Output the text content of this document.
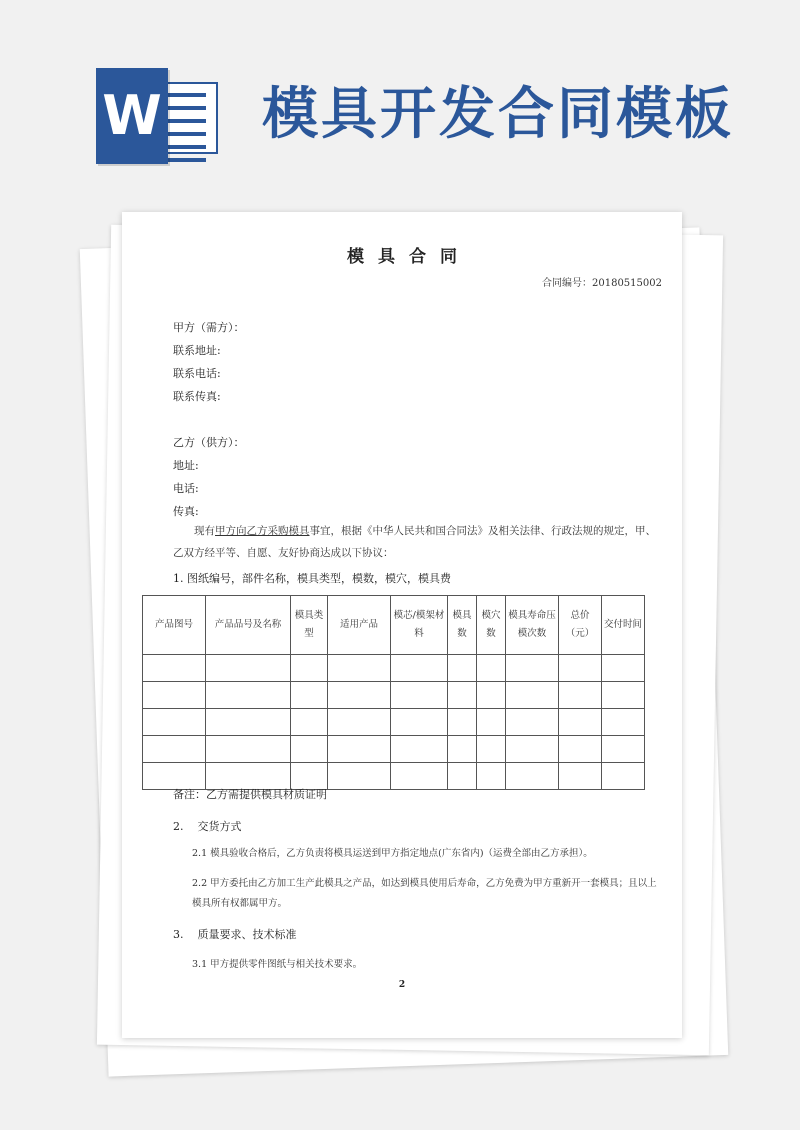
W 模具开发合同模板
模具合同
合同编号：20180515002
甲方（需方）：
联系地址:
联系电话:
联系传真:
乙方（供方）：
地址:
电话:
传真:
现有甲方向乙方采购模具事宜，根据《中华人民共和国合同法》及相关法律、行政法规的规定，甲、乙双方经平等、自愿、友好协商达成以下协议：
1. 图纸编号，部件名称，模具类型，模数，模穴，模具费
产品图号	产品品号及名称	模具类型	适用产品	模芯/模架材料	模具数	模穴数	模具寿命压模次数	总价（元）	交付时间

备注：乙方需提供模具材质证明
2. 交货方式
2.1 模具验收合格后，乙方负责将模具运送到甲方指定地点(广东省内)（运费全部由乙方承担）。
2.2 甲方委托由乙方加工生产此模具之产品，如达到模具使用后寿命，乙方免费为甲方重新开一套模具；且以上模具所有权都属甲方。
3. 质量要求、技术标准
3.1 甲方提供零件图纸与相关技术要求。
2
